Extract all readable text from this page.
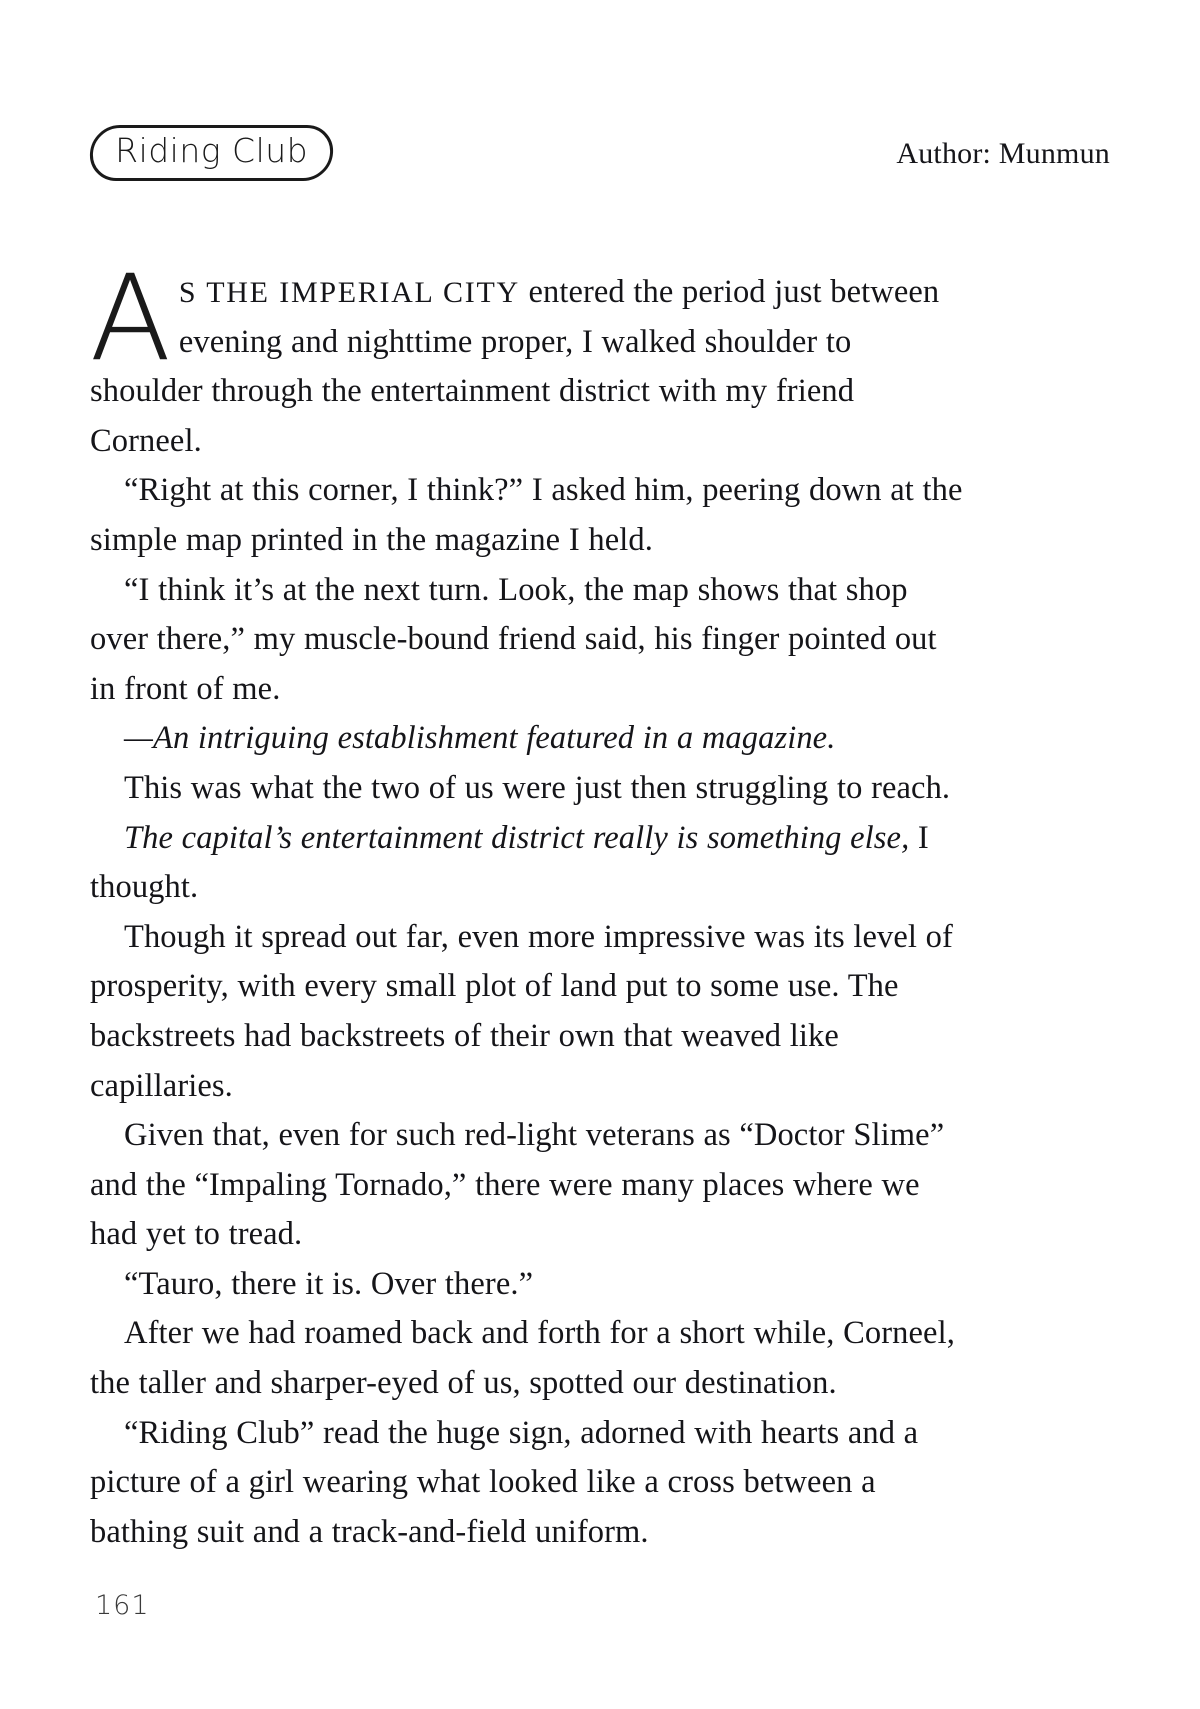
Riding Club	Author: Munmun

A S THE IMPERIAL CITY entered the period just between evening and nighttime proper, I walked shoulder to shoulder through the entertainment district with my friend Corneel.

“Right at this corner, I think?” I asked him, peering down at the simple map printed in the magazine I held.

“I think it’s at the next turn. Look, the map shows that shop over there,” my muscle-bound friend said, his finger pointed out in front of me.

—An intriguing establishment featured in a magazine.

This was what the two of us were just then struggling to reach.

The capital’s entertainment district really is something else, I thought.

Though it spread out far, even more impressive was its level of prosperity, with every small plot of land put to some use. The backstreets had backstreets of their own that weaved like capillaries.

Given that, even for such red-light veterans as “Doctor Slime” and the “Impaling Tornado,” there were many places where we had yet to tread.

“Tauro, there it is. Over there.”

After we had roamed back and forth for a short while, Corneel, the taller and sharper-eyed of us, spotted our destination.

“Riding Club” read the huge sign, adorned with hearts and a picture of a girl wearing what looked like a cross between a bathing suit and a track-and-field uniform.

161
